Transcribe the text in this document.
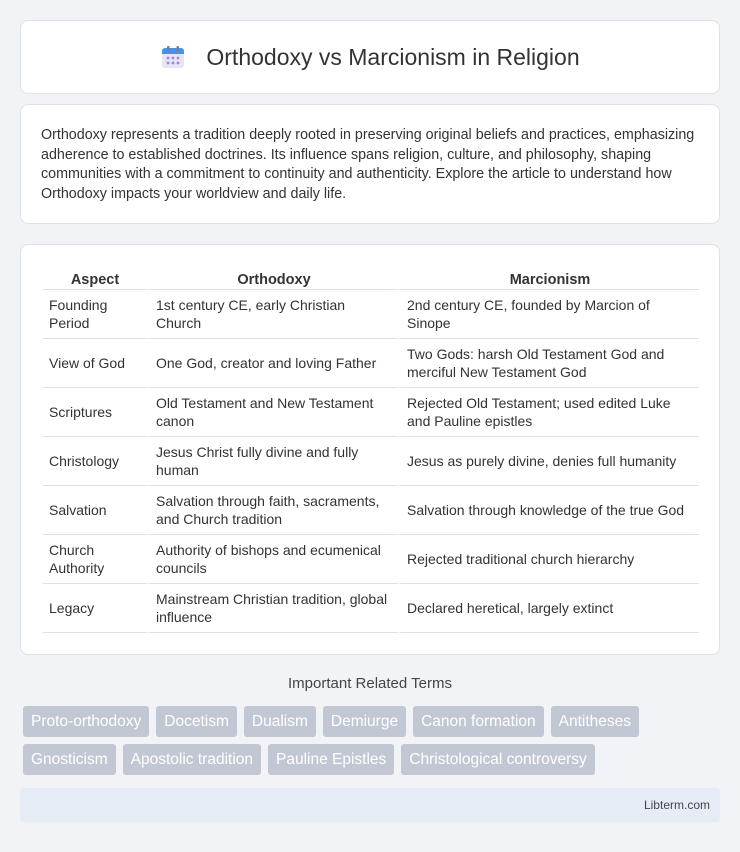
Orthodoxy vs Marcionism in Religion

Orthodoxy represents a tradition deeply rooted in preserving original beliefs and practices, emphasizing adherence to established doctrines. Its influence spans religion, culture, and philosophy, shaping communities with a commitment to continuity and authenticity. Explore the article to understand how Orthodoxy impacts your worldview and daily life.

Aspect	Orthodoxy	Marcionism
Founding Period	1st century CE, early Christian Church	2nd century CE, founded by Marcion of Sinope
View of God	One God, creator and loving Father	Two Gods: harsh Old Testament God and merciful New Testament God
Scriptures	Old Testament and New Testament canon	Rejected Old Testament; used edited Luke and Pauline epistles
Christology	Jesus Christ fully divine and fully human	Jesus as purely divine, denies full humanity
Salvation	Salvation through faith, sacraments, and Church tradition	Salvation through knowledge of the true God
Church Authority	Authority of bishops and ecumenical councils	Rejected traditional church hierarchy
Legacy	Mainstream Christian tradition, global influence	Declared heretical, largely extinct
Important Related Terms
Proto-orthodoxy	Docetism	Dualism	Demiurge	Canon formation	Antitheses
Gnosticism	Apostolic tradition	Pauline Epistles	Christological controversy
Libterm.com
